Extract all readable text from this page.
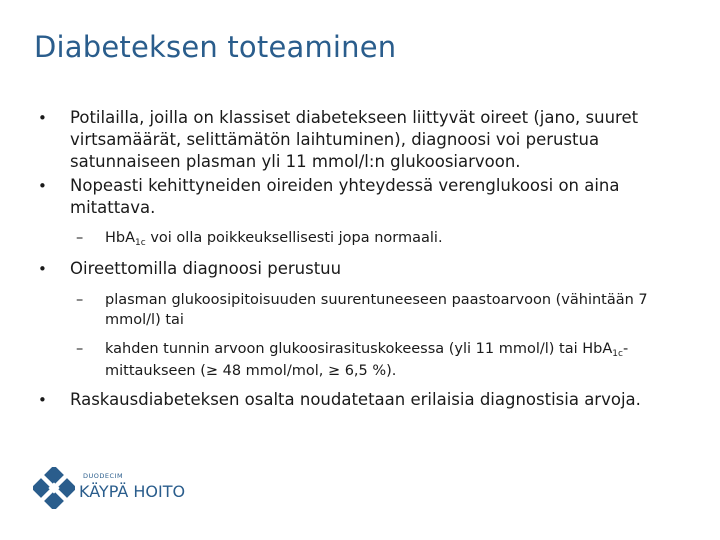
Diabeteksen toteaminen

• Potilailla, joilla on klassiset diabetekseen liittyvät oireet (jano, suuret virtsamäärät, selittämätön laihtuminen), diagnoosi voi perustua satunnaiseen plasman yli 11 mmol/l:n glukoosiarvoon.

• Nopeasti kehittyneiden oireiden yhteydessä verenglukoosi on aina mitattava.

– HbA$_{1c}$ voi olla poikkeuksellisesti jopa normaali.

• Oireettomilla diagnoosi perustuu

– plasman glukoosipitoisuuden suurentuneeseen paastoarvoon (vähintään 7 mmol/l) tai

– kahden tunnin arvoon glukoosirasituskokeessa (yli 11 mmol/l) tai HbA$_{1c}$-mittaukseen (≥ 48 mmol/mol, ≥ 6,5 %).

• Raskausdiabeteksen osalta noudatetaan erilaisia diagnostisia arvoja.

DUODECIM
KÄYPÄ HOITO
